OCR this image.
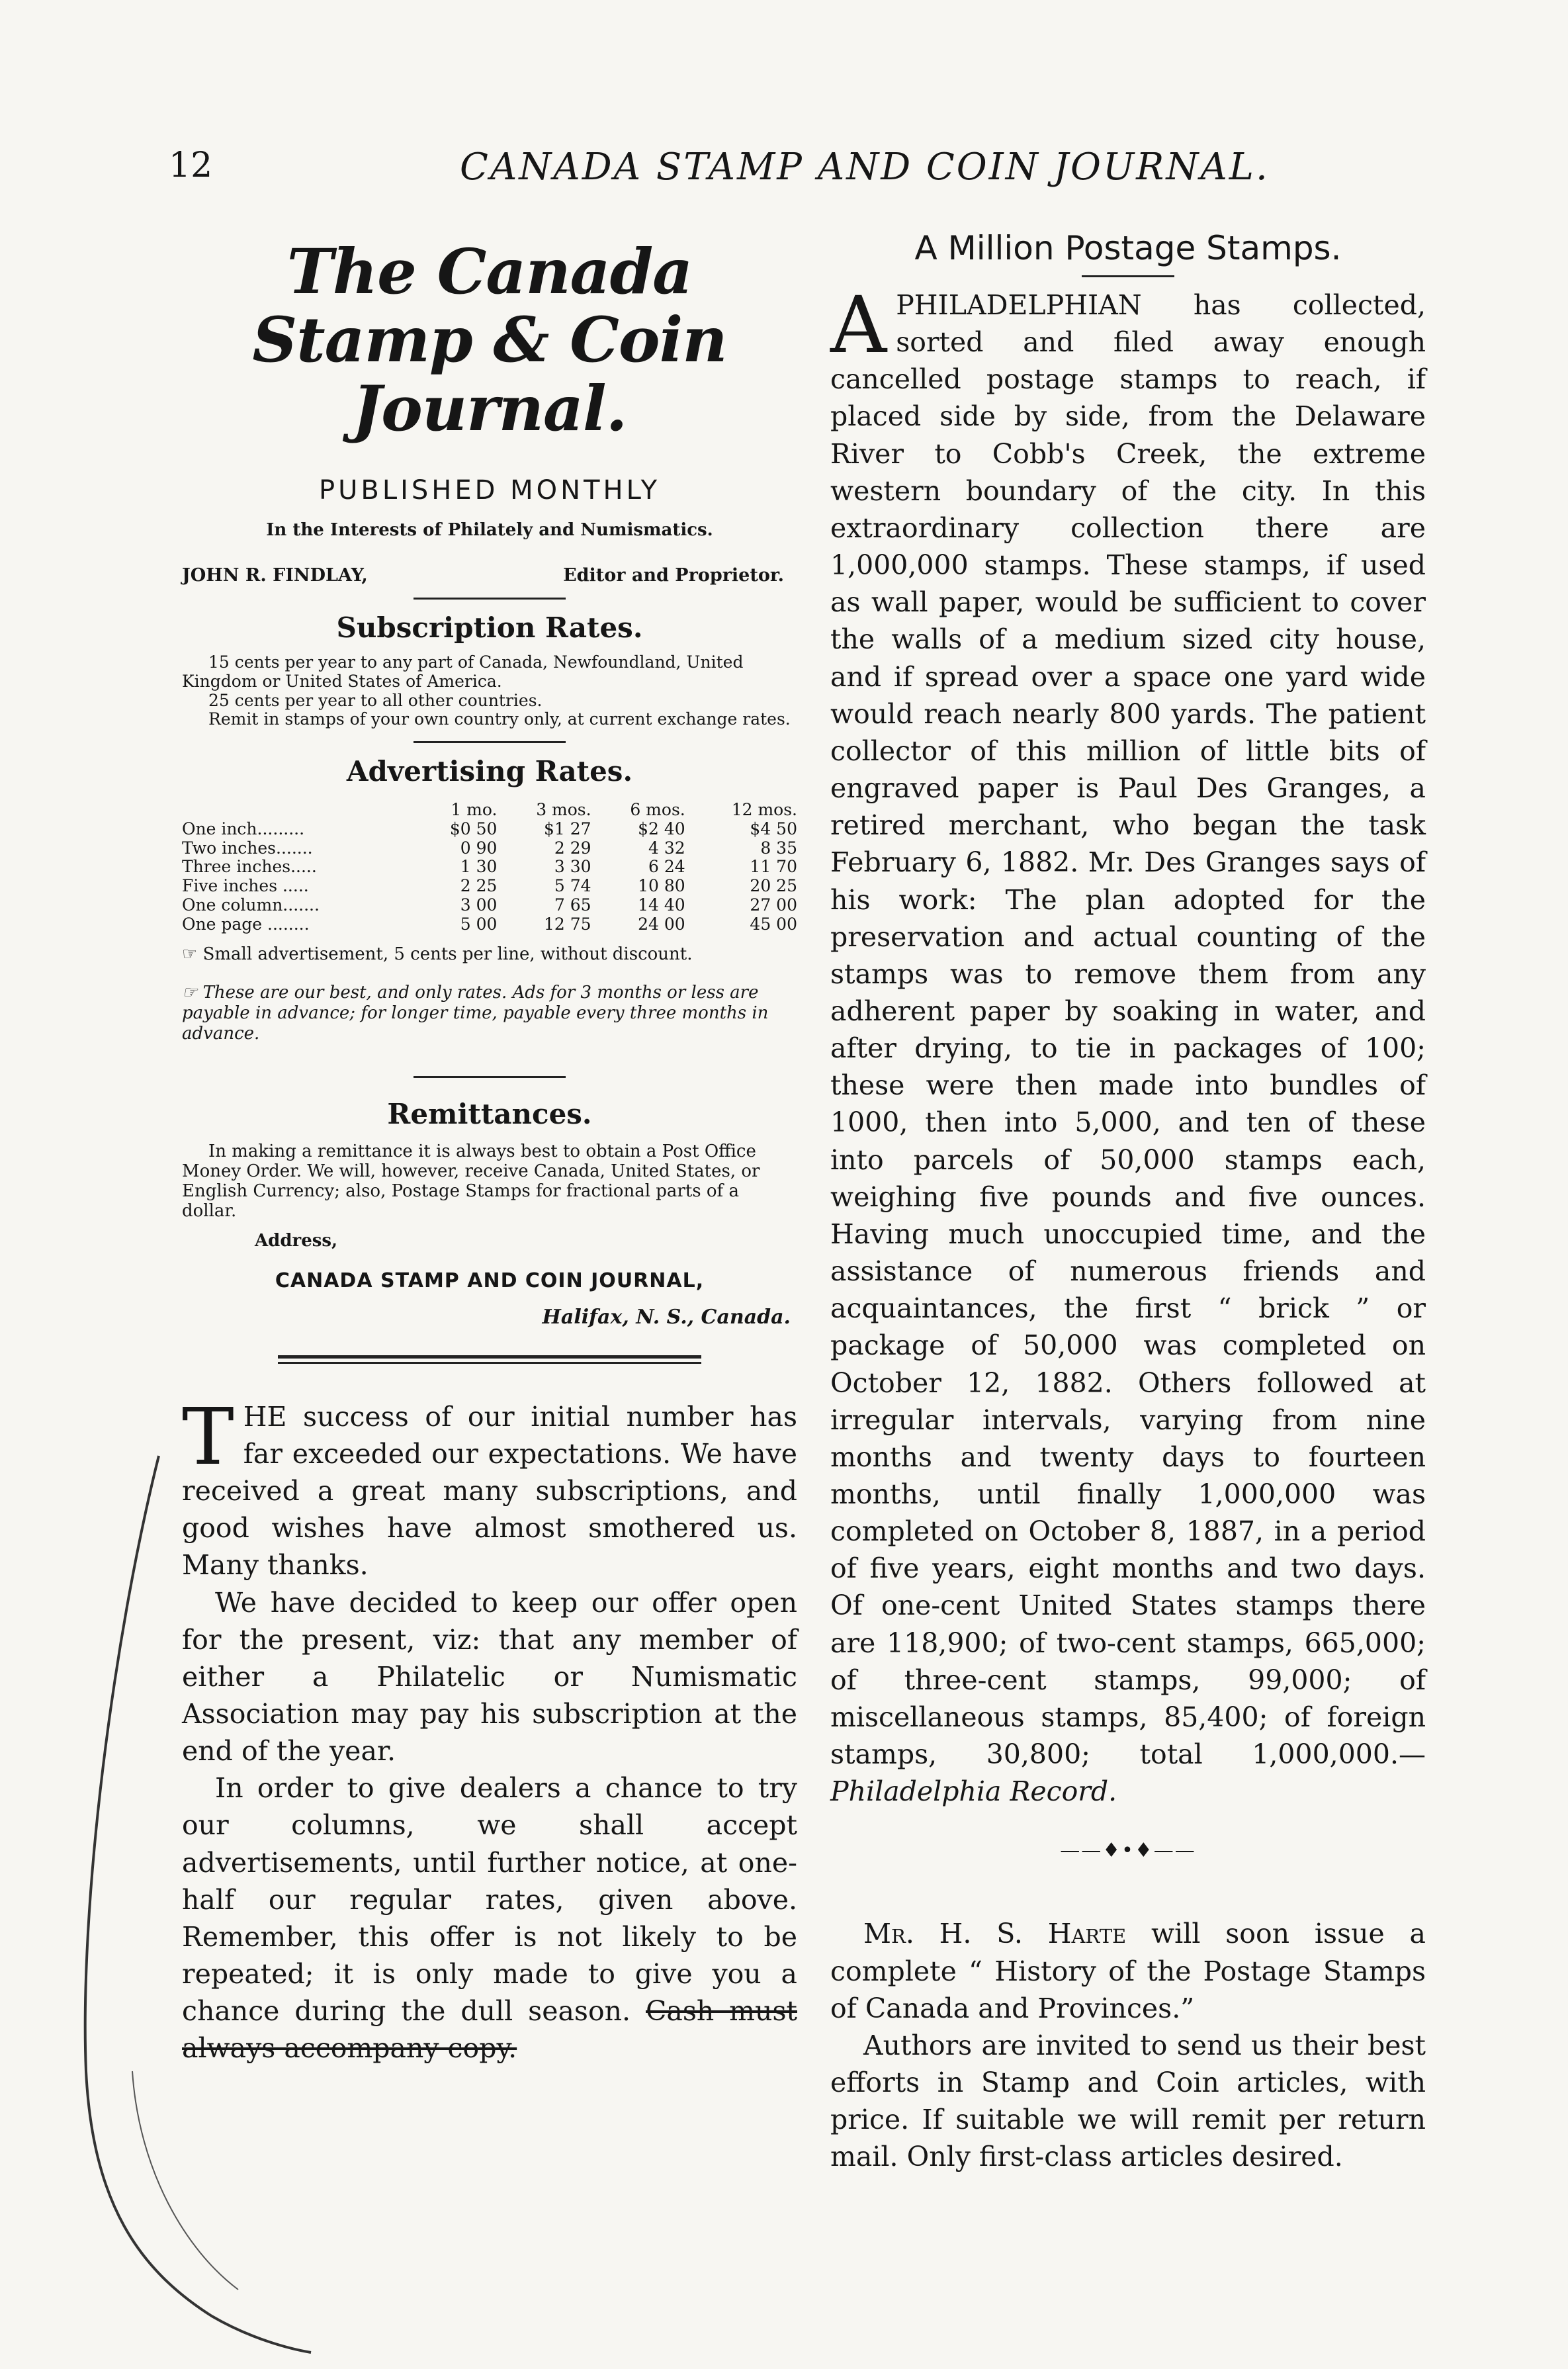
12	CANADA STAMP AND COIN JOURNAL.
The Canada Stamp & Coin Journal.
PUBLISHED MONTHLY
In the Interests of Philately and Numismatics.
JOHN R. FINDLAY,	Editor and Proprietor.
Subscription Rates.

15 cents per year to any part of Canada, Newfoundland, United Kingdom or United States of America.

25 cents per year to all other countries.

Remit in stamps of your own country only, at current exchange rates.

Advertising Rates.
	1 mo.	3 mos.	6 mos.	12 mos.
One inch.........	$0 50	$1 27	$2 40	$4 50
Two inches.......	0 90	2 29	4 32	8 35
Three inches.....	1 30	3 30	6 24	11 70
Five inches .....	2 25	5 74	10 80	20 25
One column.......	3 00	7 65	14 40	27 00
One page ........	5 00	12 75	24 00	45 00
☞ Small advertisement, 5 cents per line, without discount.
☞ These are our best, and only rates. Ads for 3 months or less are payable in advance; for longer time, payable every three months in advance.
Remittances.
In making a remittance it is always best to obtain a Post Office Money Order. We will, however, receive Canada, United States, or English Currency; also, Postage Stamps for fractional parts of a dollar.
Address,
CANADA STAMP AND COIN JOURNAL,
Halifax, N. S., Canada.

THE success of our initial number has far exceeded our expectations. We have received a great many subscriptions, and good wishes have almost smothered us. Many thanks.

We have decided to keep our offer open for the present, viz: that any member of either a Philatelic or Numismatic Association may pay his subscription at the end of the year.

In order to give dealers a chance to try our columns, we shall accept advertisements, until further notice, at one-half our regular rates, given above. Remember, this offer is not likely to be repeated; it is only made to give you a chance during the dull season. Cash must always accompany copy.

A Million Postage Stamps.

A PHILADELPHIAN has collected, sorted and filed away enough cancelled postage stamps to reach, if placed side by side, from the Delaware River to Cobb's Creek, the extreme western boundary of the city. In this extraordinary collection there are 1,000,000 stamps. These stamps, if used as wall paper, would be sufficient to cover the walls of a medium sized city house, and if spread over a space one yard wide would reach nearly 800 yards. The patient collector of this million of little bits of engraved paper is Paul Des Granges, a retired merchant, who began the task February 6, 1882. Mr. Des Granges says of his work: The plan adopted for the preservation and actual counting of the stamps was to remove them from any adherent paper by soaking in water, and after drying, to tie in packages of 100; these were then made into bundles of 1000, then into 5,000, and ten of these into parcels of 50,000 stamps each, weighing five pounds and five ounces. Having much unoccupied time, and the assistance of numerous friends and acquaintances, the first “ brick ” or package of 50,000 was completed on October 12, 1882. Others followed at irregular intervals, varying from nine months and twenty days to fourteen months, until finally 1,000,000 was completed on October 8, 1887, in a period of five years, eight months and two days. Of one-cent United States stamps there are 118,900; of two-cent stamps, 665,000; of three-cent stamps, 99,000; of miscellaneous stamps, 85,400; of foreign stamps, 30,800; total 1,000,000.—Philadelphia Record.

——♦•♦——

Mr. H. S. Harte will soon issue a complete “ History of the Postage Stamps of Canada and Provinces.”

Authors are invited to send us their best efforts in Stamp and Coin articles, with price. If suitable we will remit per return mail. Only first-class articles desired.
